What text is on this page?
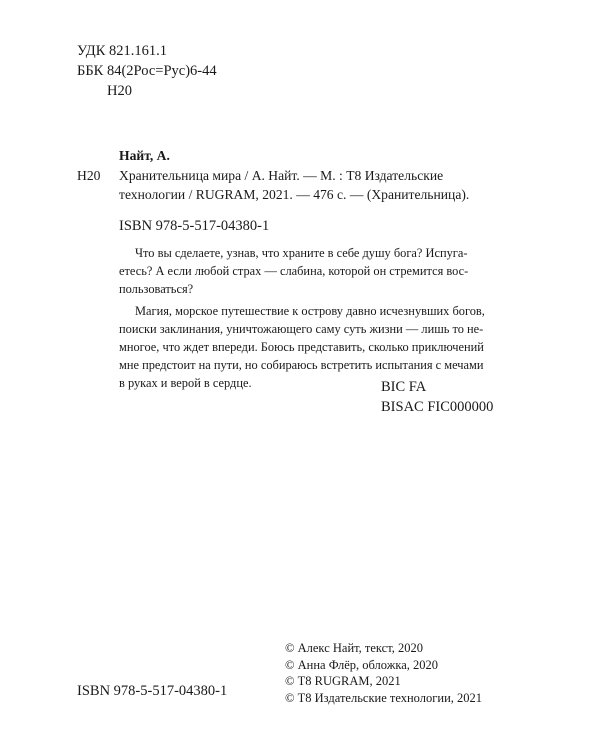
УДК 821.161.1
ББК 84(2Рос=Рус)6-44
Н20
Найт, А.
Н20 Хранительница мира / А. Найт. — М. : Т8 Издательские
технологии / RUGRAM, 2021. — 476 с. — (Хранительница).
ISBN 978-5-517-04380-1
Что вы сделаете, узнав, что храните в себе душу бога? Испуга-
етесь? А если любой страх — слабина, которой он стремится вос-
пользоваться?
Магия, морское путешествие к острову давно исчезнувших богов,
поиски заклинания, уничтожающего саму суть жизни — лишь то не-
многое, что ждет впереди. Боюсь представить, сколько приключений
мне предстоит на пути, но собираюсь встретить испытания с мечами
в руках и верой в сердце.	BIC FA
BISAC FIC000000
ISBN 978-5-517-04380-1
© Алекс Найт, текст, 2020
© Анна Флёр, обложка, 2020
© Т8 RUGRAM, 2021
© Т8 Издательские технологии, 2021
